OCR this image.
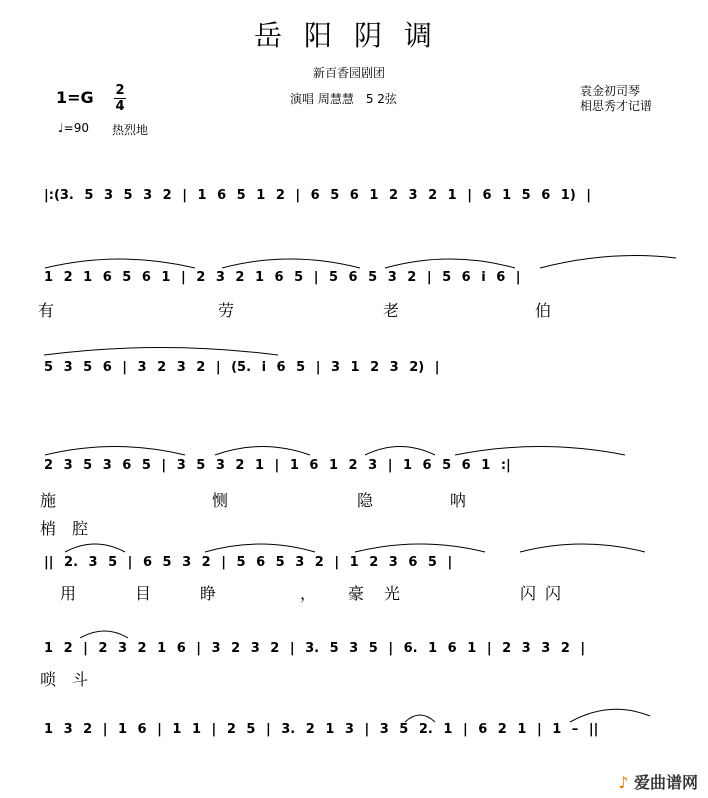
岳阳阴调
新百香园剧团
演唱 周慧慧　5 2弦
袁金初司琴
相思秀才记谱
1=G 2
4
♩=90 热烈地
|:(3. 5 3 5 3 2 | 1 6 5 1 2 | 6 5 6 1 2 3 2 1 | 6 1 5 6 1) |
1 2 1 6 5 6 1 | 2 3 2 1 6 5 | 5 6 5 3 2 | 5 6 i 6 |
有	劳	老	伯
5 3 5 6 | 3 2 3 2 | (5. i 6 5 | 3 1 2 3 2) |
2 3 5 3 6 5 | 3 5 3 2 1 | 1 6 1 2 3 | 1 6 5 6 1 :|
施	恻	隐	呐
梢 腔
|| 2. 3 5 | 6 5 3 2 | 5 6 5 3 2 | 1 2 3 6 5 |
用	目	睁	， 豪 光	闪 闪
1 2 | 2 3 2 1 6 | 3 2 3 2 | 3. 5 3 5 | 6. 1 6 1 | 2 3 3 2 |
唢 斗
1 3 2 | 1 6 | 1 1 | 2 5 | 3. 2 1 3 | 3 5 2. 1 | 6 2 1 | 1 – ||
♪ 爱曲谱网
